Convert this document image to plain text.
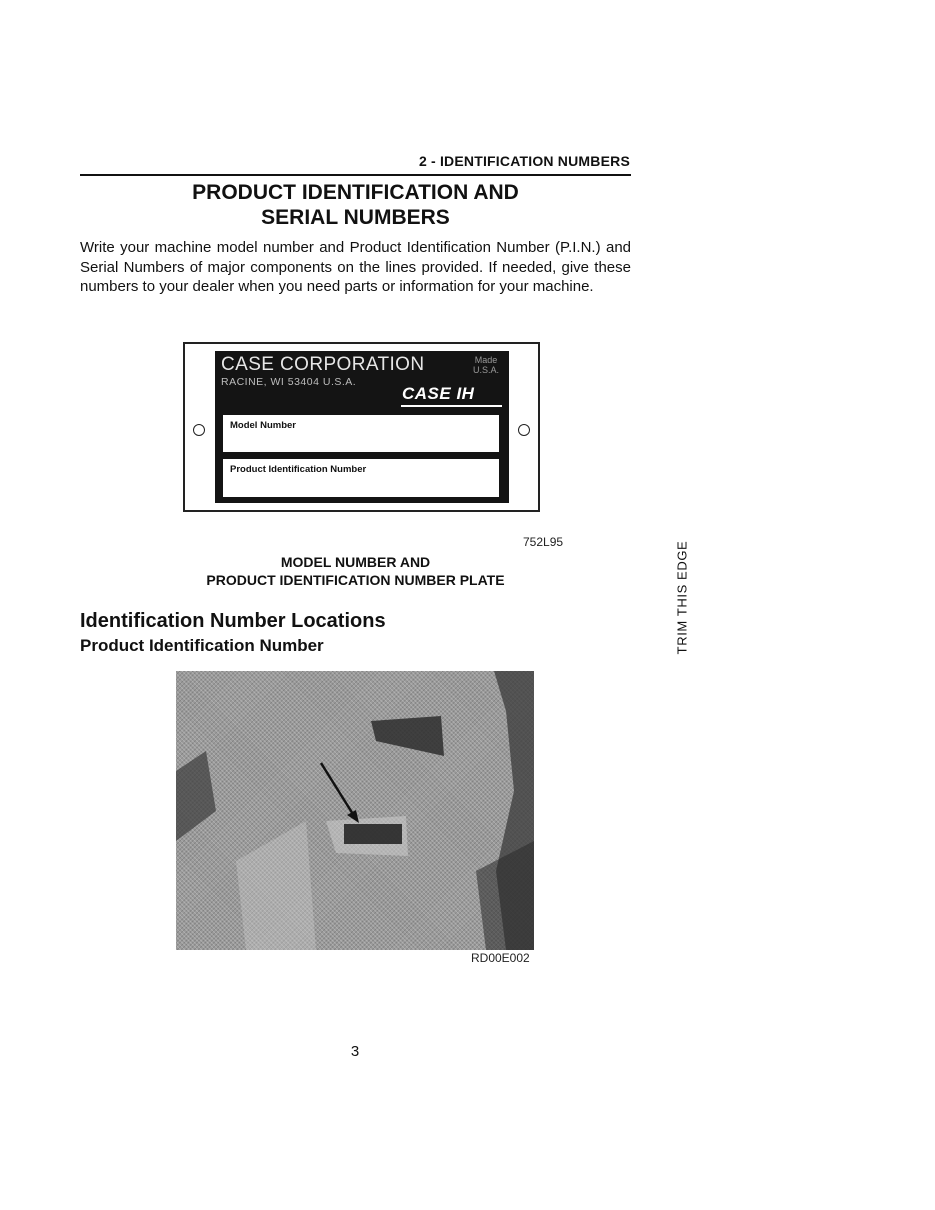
2 - IDENTIFICATION NUMBERS
PRODUCT IDENTIFICATION AND
SERIAL NUMBERS
Write your machine model number and Product Identification Number (P.I.N.) and Serial Numbers of major components on the lines provided. If needed, give these numbers to your dealer when you need parts or information for your machine.
CASE CORPORATION
RACINE, WI 53404 U.S.A.
Made
U.S.A.
CASE IH
Model Number
Product Identification Number
752L95
MODEL NUMBER AND
PRODUCT IDENTIFICATION NUMBER PLATE
Identification Number Locations
Product Identification Number
RD00E002
3
TRIM THIS EDGE
